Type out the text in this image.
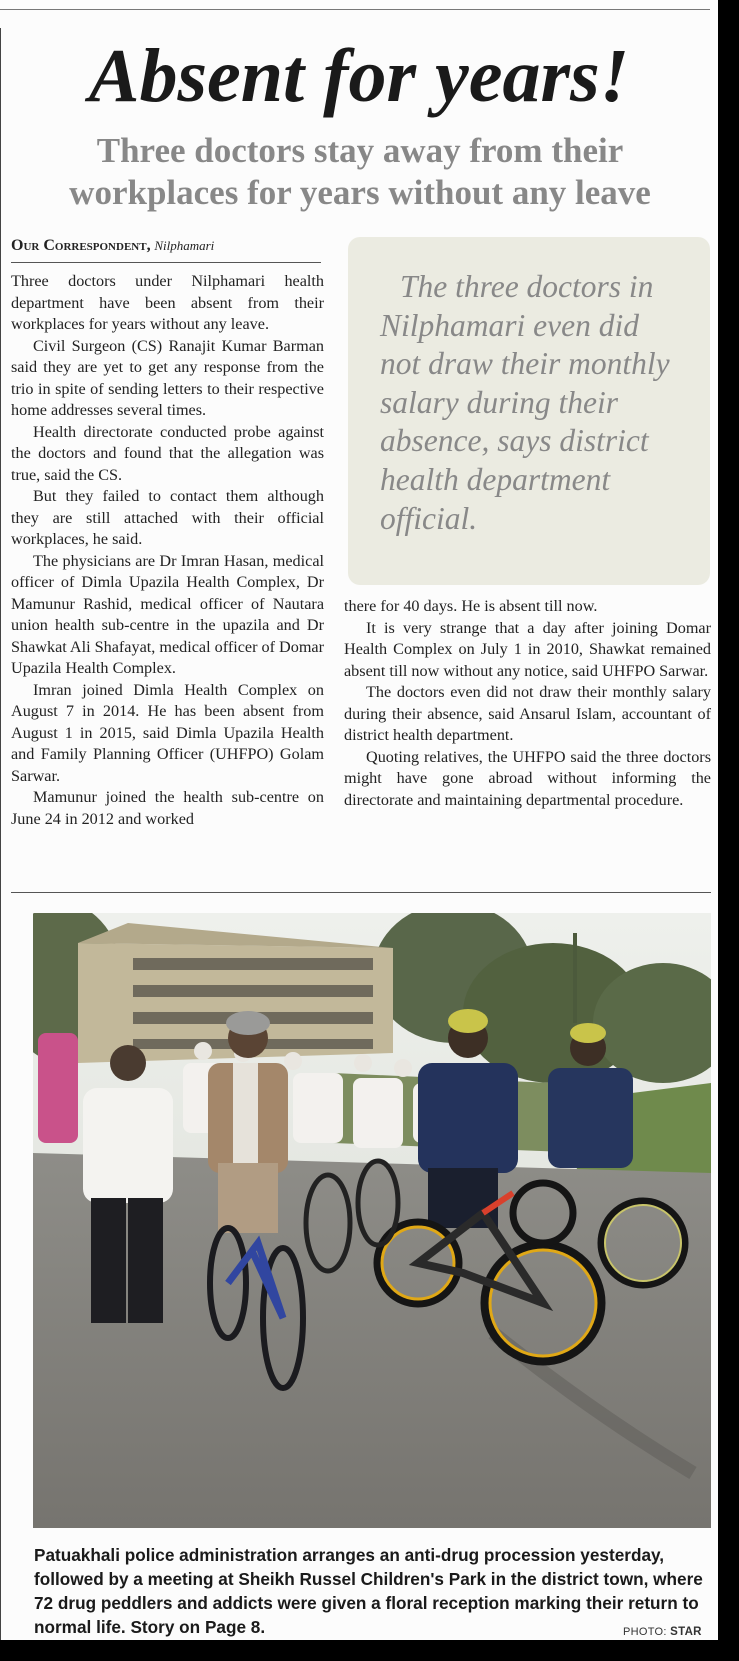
Absent for years!
Three doctors stay away from their workplaces for years without any leave
Our Correspondent, Nilphamari

Three doctors under Nilphamari health department have been absent from their workplaces for years without any leave.

Civil Surgeon (CS) Ranajit Kumar Barman said they are yet to get any response from the trio in spite of sending letters to their respective home addresses several times.

Health directorate conducted probe against the doctors and found that the allegation was true, said the CS.

But they failed to contact them although they are still attached with their official workplaces, he said.

The physicians are Dr Imran Hasan, medical officer of Dimla Upazila Health Complex, Dr Mamunur Rashid, medical officer of Nautara union health sub-centre in the upazila and Dr Shawkat Ali Shafayat, medical officer of Domar Upazila Health Complex.

Imran joined Dimla Health Complex on August 7 in 2014. He has been absent from August 1 in 2015, said Dimla Upazila Health and Family Planning Officer (UHFPO) Golam Sarwar.

Mamunur joined the health sub-centre on June 24 in 2012 and worked

The three doctors in Nilphamari even did not draw their monthly salary during their absence, says district health department official.

there for 40 days. He is absent till now.

It is very strange that a day after joining Domar Health Complex on July 1 in 2010, Shawkat remained absent till now without any notice, said UHFPO Sarwar.

The doctors even did not draw their monthly salary during their absence, said Ansarul Islam, accountant of district health department.

Quoting relatives, the UHFPO said the three doctors might have gone abroad without informing the directorate and maintaining departmental procedure.

Patuakhali police administration arranges an anti-drug procession yesterday, followed by a meeting at Sheikh Russel Children's Park in the district town, where 72 drug peddlers and addicts were given a floral reception marking their return to normal life. Story on Page 8.	PHOTO: STAR
